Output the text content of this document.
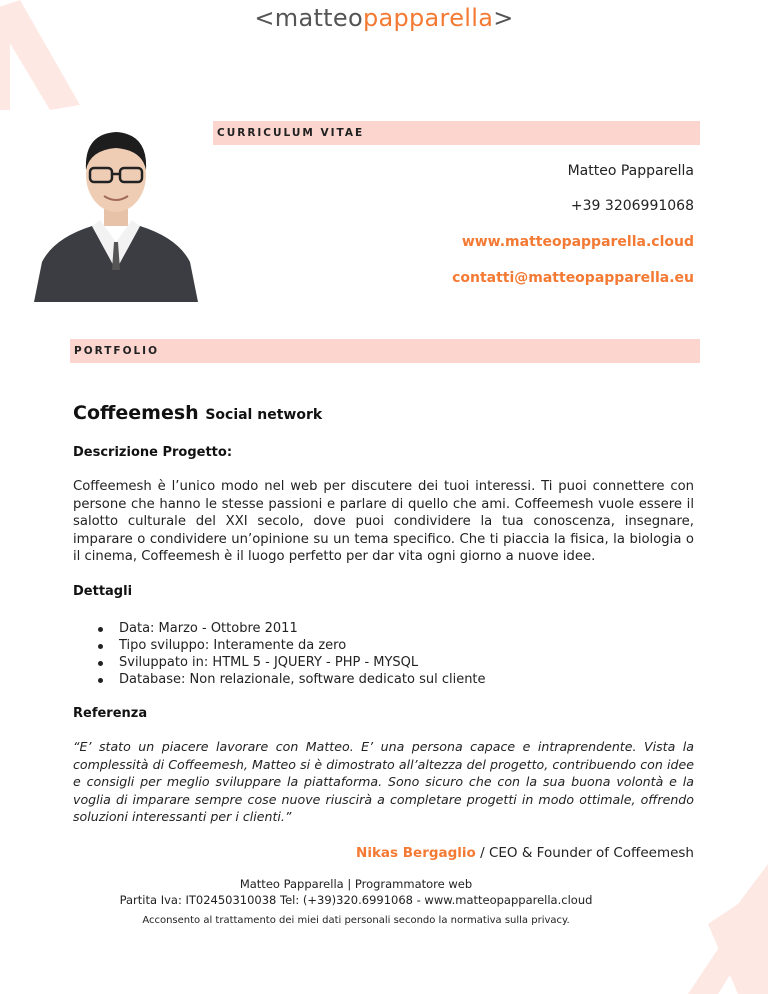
<matteopapparella>
CURRICULUM VITAE
Matteo Papparella
+39 3206991068
www.matteopapparella.cloud
contatti@matteopapparella.eu
PORTFOLIO
Coffeemesh Social network
Descrizione Progetto:
Coffeemesh è l’unico modo nel web per discutere dei tuoi interessi. Ti puoi connettere con persone che hanno le stesse passioni e parlare di quello che ami. Coffeemesh vuole essere il salotto culturale del XXI secolo, dove puoi condividere la tua conoscenza, insegnare, imparare o condividere un’opinione su un tema specifico. Che ti piaccia la fisica, la biologia o il cinema, Coffeemesh è il luogo perfetto per dar vita ogni giorno a nuove idee.
Dettagli
Data: Marzo - Ottobre 2011
Tipo sviluppo: Interamente da zero
Sviluppato in: HTML 5 - JQUERY - PHP - MYSQL
Database: Non relazionale, software dedicato sul cliente
Referenza
“E’ stato un piacere lavorare con Matteo. E’ una persona capace e intraprendente. Vista la complessità di Coffeemesh, Matteo si è dimostrato all’altezza del progetto, contribuendo con idee e consigli per meglio sviluppare la piattaforma. Sono sicuro che con la sua buona volontà e la voglia di imparare sempre cose nuove riuscirà a completare progetti in modo ottimale, offrendo soluzioni interessanti per i clienti.”
Nikas Bergaglio / CEO & Founder of Coffeemesh
Matteo Papparella | Programmatore web
Partita Iva: IT02450310038 Tel: (+39)320.6991068 - www.matteopapparella.cloud
Acconsento al trattamento dei miei dati personali secondo la normativa sulla privacy.
